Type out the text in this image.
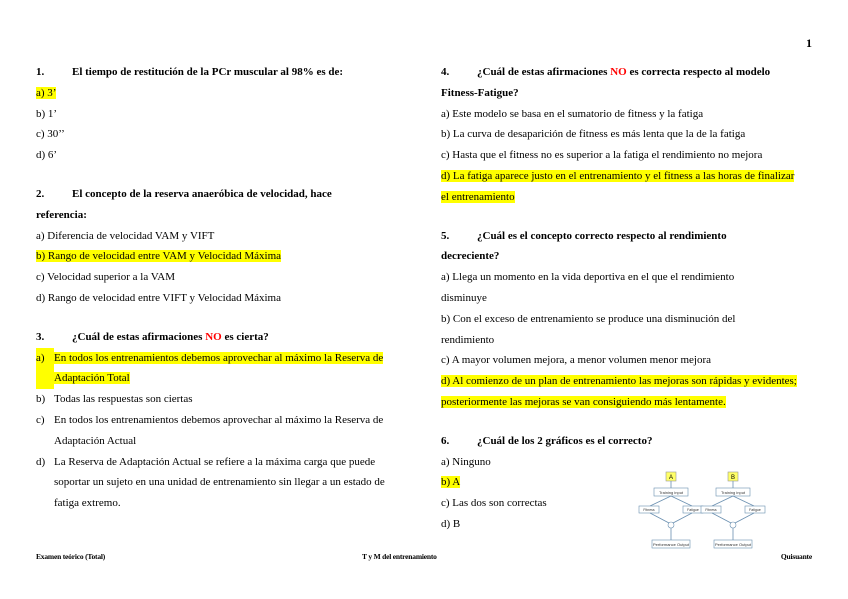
1
1.	El tiempo de restitución de la PCr muscular al 98% es de:
a) 3’
b) 1’
c) 30’’
d) 6’
2.	El concepto de la reserva anaeróbica de velocidad, hace
referencia:
a) Diferencia de velocidad VAM y VIFT
b) Rango de velocidad entre VAM y Velocidad Máxima
c) Velocidad superior a la VAM
d) Rango de velocidad entre VIFT y Velocidad Máxima
3.	¿Cuál de estas afirmaciones NO es cierta?
a) En todos los entrenamientos debemos aprovechar al máximo la Reserva de Adaptación Total
b) Todas las respuestas son ciertas
c) En todos los entrenamientos debemos aprovechar al máximo la Reserva de Adaptación Actual
d) La Reserva de Adaptación Actual se refiere a la máxima carga que puede soportar un sujeto en una unidad de entrenamiento sin llegar a un estado de fatiga extremo.
4.	¿Cuál de estas afirmaciones NO es correcta respecto al modelo
Fitness-Fatigue?
a) Este modelo se basa en el sumatorio de fitness y la fatiga
b) La curva de desaparición de fitness es más lenta que la de la fatiga
c) Hasta que el fitness no es superior a la fatiga el rendimiento no mejora
d) La fatiga aparece justo en el entrenamiento y el fitness a las horas de finalizar el entrenamiento
5.	¿Cuál es el concepto correcto respecto al rendimiento
decreciente?
a) Llega un momento en la vida deportiva en el que el rendimiento disminuye
b) Con el exceso de entrenamiento se produce una disminución del rendimiento
c) A mayor volumen mejora, a menor volumen menor mejora
d) Al comienzo de un plan de entrenamiento las mejoras son rápidas y evidentes; posteriormente las mejoras se van consiguiendo más lentamente.
6.	¿Cuál de los 2 gráficos es el correcto?
a) Ninguno
b) A
c) Las dos son correctas
d) B
A
Training input
Fitness	Fatigue
Performance Output
B
Training input
Fitness	Fatigue
Performance Output
Examen teórico (Total)	T y M del entrenamiento	Quisuante
